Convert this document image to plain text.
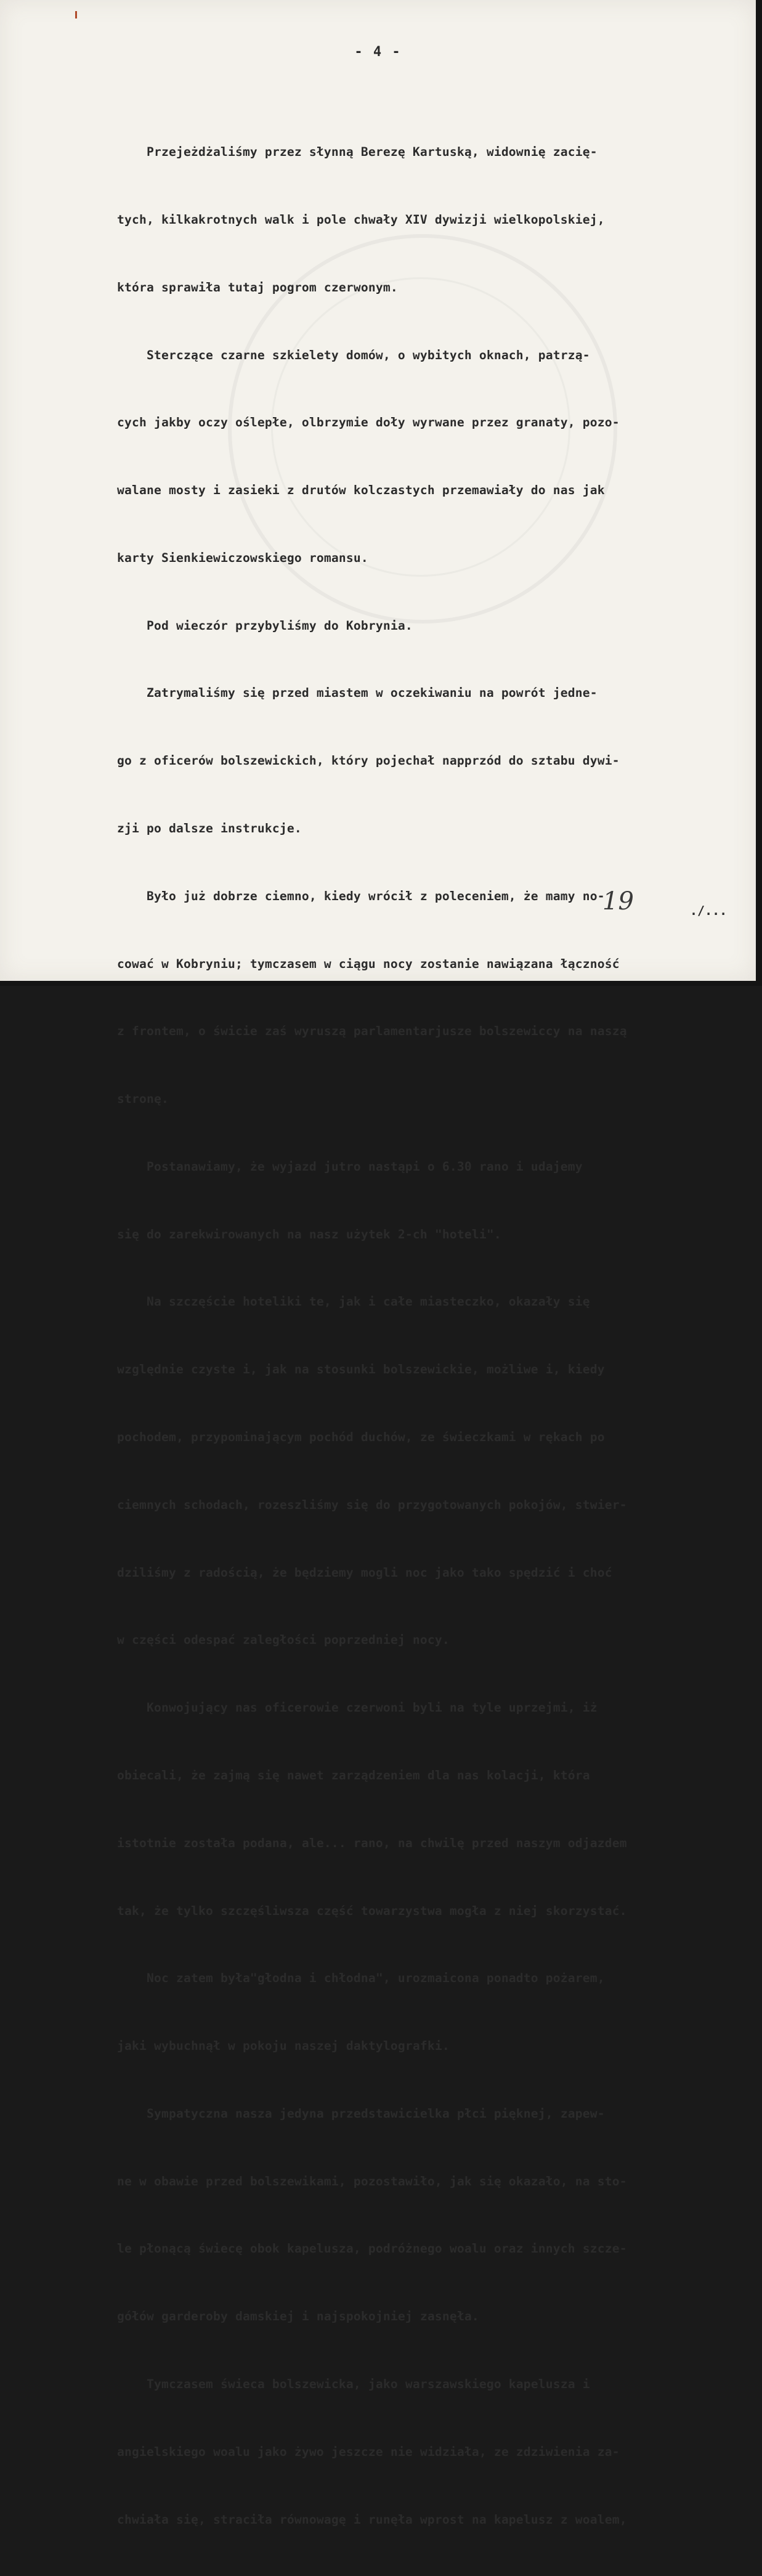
- 4 -

Przejeżdżaliśmy przez słynną Berezę Kartuską, widownię zacię-

tych, kilkakrotnych walk i pole chwały XIV dywizji wielkopolskiej,

która sprawiła tutaj pogrom czerwonym.

Sterczące czarne szkielety domów, o wybitych oknach, patrzą-

cych jakby oczy oślepłe, olbrzymie doły wyrwane przez granaty, pozo-

walane mosty i zasieki z drutów kolczastych przemawiały do nas jak

karty Sienkiewiczowskiego romansu.

Pod wieczór przybyliśmy do Kobrynia.

Zatrymaliśmy się przed miastem w oczekiwaniu na powrót jedne-

go z oficerów bolszewickich, który pojechał napprzód do sztabu dywi-

zji po dalsze instrukcje.

Było już dobrze ciemno, kiedy wrócił z poleceniem, że mamy no-

cować w Kobryniu; tymczasem w ciągu nocy zostanie nawiązana łączność

z frontem, o świcie zaś wyruszą parlamentarjusze bolszewiccy na naszą

stronę.

Postanawiamy, że wyjazd jutro nastąpi o 6.30 rano i udajemy

się do zarekwirowanych na nasz użytek 2-ch "hoteli".

Na szczęście hoteliki te, jak i całe miasteczko, okazały się

względnie czyste i, jak na stosunki bolszewickie, możliwe i, kiedy

pochodem, przypominającym pochód duchów, ze świeczkami w rękach po

ciemnych schodach, rozeszliśmy się do przygotowanych pokojów, stwier-

dziliśmy z radością, że będziemy mogli noc jako tako spędzić i choć

w części odespać zaległości poprzedniej nocy.

Konwojujący nas oficerowie czerwoni byli na tyle uprzejmi, iż

obiecali, że zajmą się nawet zarządzeniem dla nas kolacji, która

istotnie została podana, ale... rano, na chwilę przed naszym odjazdem

tak, że tylko szczęśliwsza część towarzystwa mogła z niej skorzystać.

Noc zatem była"głodna i chłodna", urozmaicona ponadto pożarem,

jaki wybuchnął w pokoju naszej daktylografki.

Sympatyczna nasza jedyna przedstawicielka płci pięknej, zapew-

ne w obawie przed bolszewikami, pozostawiło, jak się okazało, na sto-

le płonącą świecę obok kapelusza, podróżnego woalu oraz innych szcze-

gółów garderoby damskiej i najspokojniej zasnęła.

Tymczasem świeca bolszewicka, jako warszawskiego kapelusza i

angielskiego woalu jako żywo jeszcze nie widziała, ze zdziwienia za-

chwiała się, straciła równowagę i runęła wprost na kapelusz z woalem,

19	./...
